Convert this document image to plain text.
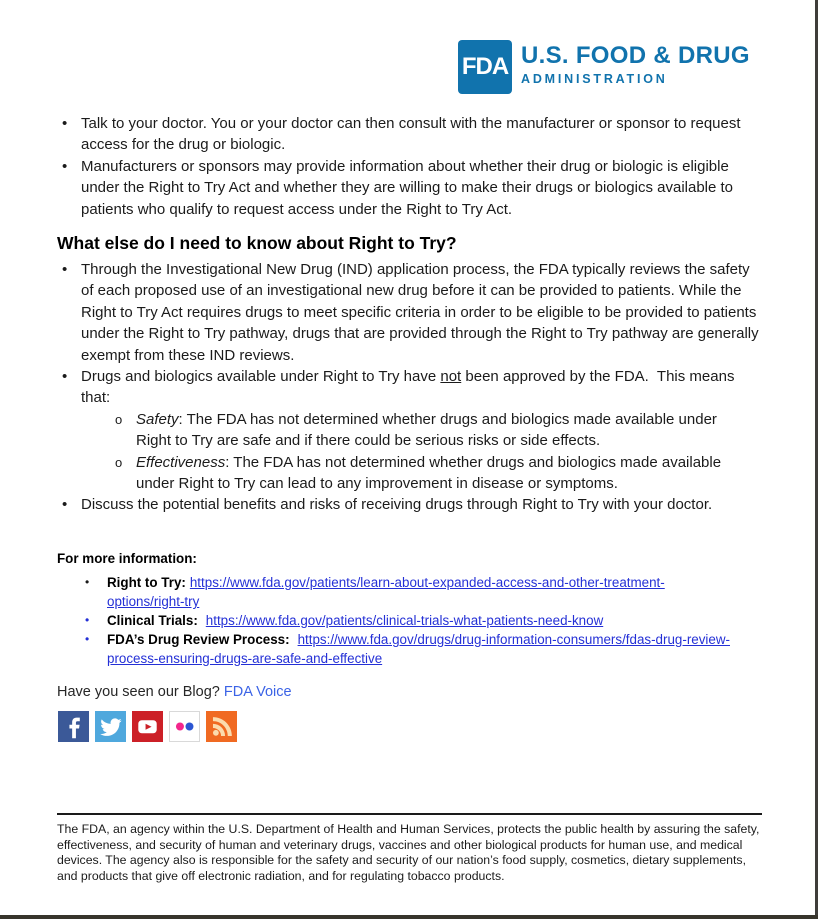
FDA U.S. FOOD & DRUG
ADMINISTRATION
• Talk to your doctor. You or your doctor can then consult with the manufacturer or sponsor to request access for the drug or biologic.
• Manufacturers or sponsors may provide information about whether their drug or biologic is eligible under the Right to Try Act and whether they are willing to make their drugs or biologics available to patients who qualify to request access under the Right to Try Act.
What else do I need to know about Right to Try?
• Through the Investigational New Drug (IND) application process, the FDA typically reviews the safety of each proposed use of an investigational new drug before it can be provided to patients. While the Right to Try Act requires drugs to meet specific criteria in order to be eligible to be provided to patients under the Right to Try pathway, drugs that are provided through the Right to Try pathway are generally exempt from these IND reviews.
• Drugs and biologics available under Right to Try have not been approved by the FDA.  This means that:
o Safety: The FDA has not determined whether drugs and biologics made available under Right to Try are safe and if there could be serious risks or side effects.
o Effectiveness: The FDA has not determined whether drugs and biologics made available under Right to Try can lead to any improvement in disease or symptoms.
• Discuss the potential benefits and risks of receiving drugs through Right to Try with your doctor.
For more information:
•	Right to Try: https://www.fda.gov/patients/learn-about-expanded-access-and-other-treatment-
options/right-try
•	Clinical Trials: https://www.fda.gov/patients/clinical-trials-what-patients-need-know
•	FDA’s Drug Review Process: https://www.fda.gov/drugs/drug-information-consumers/fdas-drug-review-
process-ensuring-drugs-are-safe-and-effective
Have you seen our Blog? FDA Voice
The FDA, an agency within the U.S. Department of Health and Human Services, protects the public health by assuring the safety, effectiveness, and security of human and veterinary drugs, vaccines and other biological products for human use, and medical devices. The agency also is responsible for the safety and security of our nation’s food supply, cosmetics, dietary supplements, and products that give off electronic radiation, and for regulating tobacco products.
